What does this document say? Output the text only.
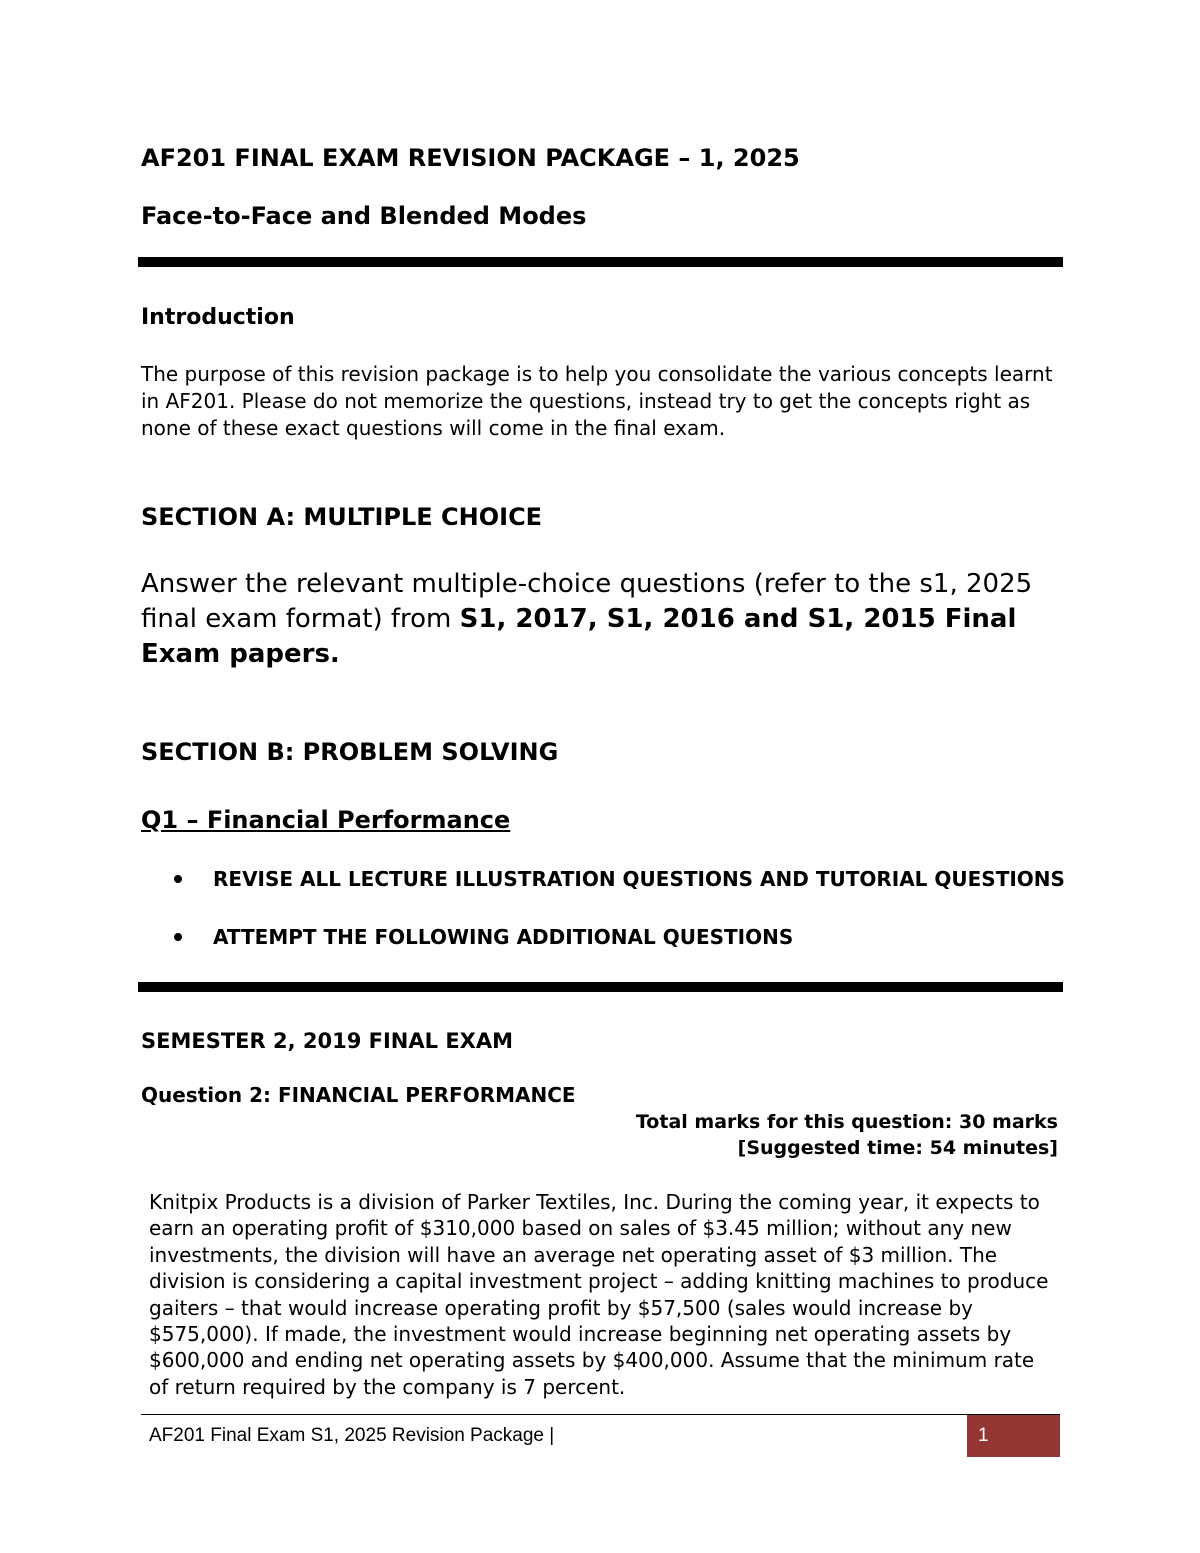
AF201 FINAL EXAM REVISION PACKAGE – 1, 2025
Face-to-Face and Blended Modes
Introduction
The purpose of this revision package is to help you consolidate the various concepts learnt in AF201. Please do not memorize the questions, instead try to get the concepts right as none of these exact questions will come in the final exam.
SECTION A: MULTIPLE CHOICE
Answer the relevant multiple-choice questions (refer to the s1, 2025 final exam format) from S1, 2017, S1, 2016 and S1, 2015 Final Exam papers.
SECTION B: PROBLEM SOLVING
Q1 – Financial Performance
REVISE ALL LECTURE ILLUSTRATION QUESTIONS AND TUTORIAL QUESTIONS
ATTEMPT THE FOLLOWING ADDITIONAL QUESTIONS
SEMESTER 2, 2019 FINAL EXAM
Question 2: FINANCIAL PERFORMANCE
Total marks for this question: 30 marks
[Suggested time: 54 minutes]
Knitpix Products is a division of Parker Textiles, Inc. During the coming year, it expects to earn an operating profit of $310,000 based on sales of $3.45 million; without any new investments, the division will have an average net operating asset of $3 million. The division is considering a capital investment project – adding knitting machines to produce gaiters – that would increase operating profit by $57,500 (sales would increase by $575,000). If made, the investment would increase beginning net operating assets by $600,000 and ending net operating assets by $400,000. Assume that the minimum rate of return required by the company is 7 percent.
AF201 Final Exam S1, 2025 Revision Package |	1
